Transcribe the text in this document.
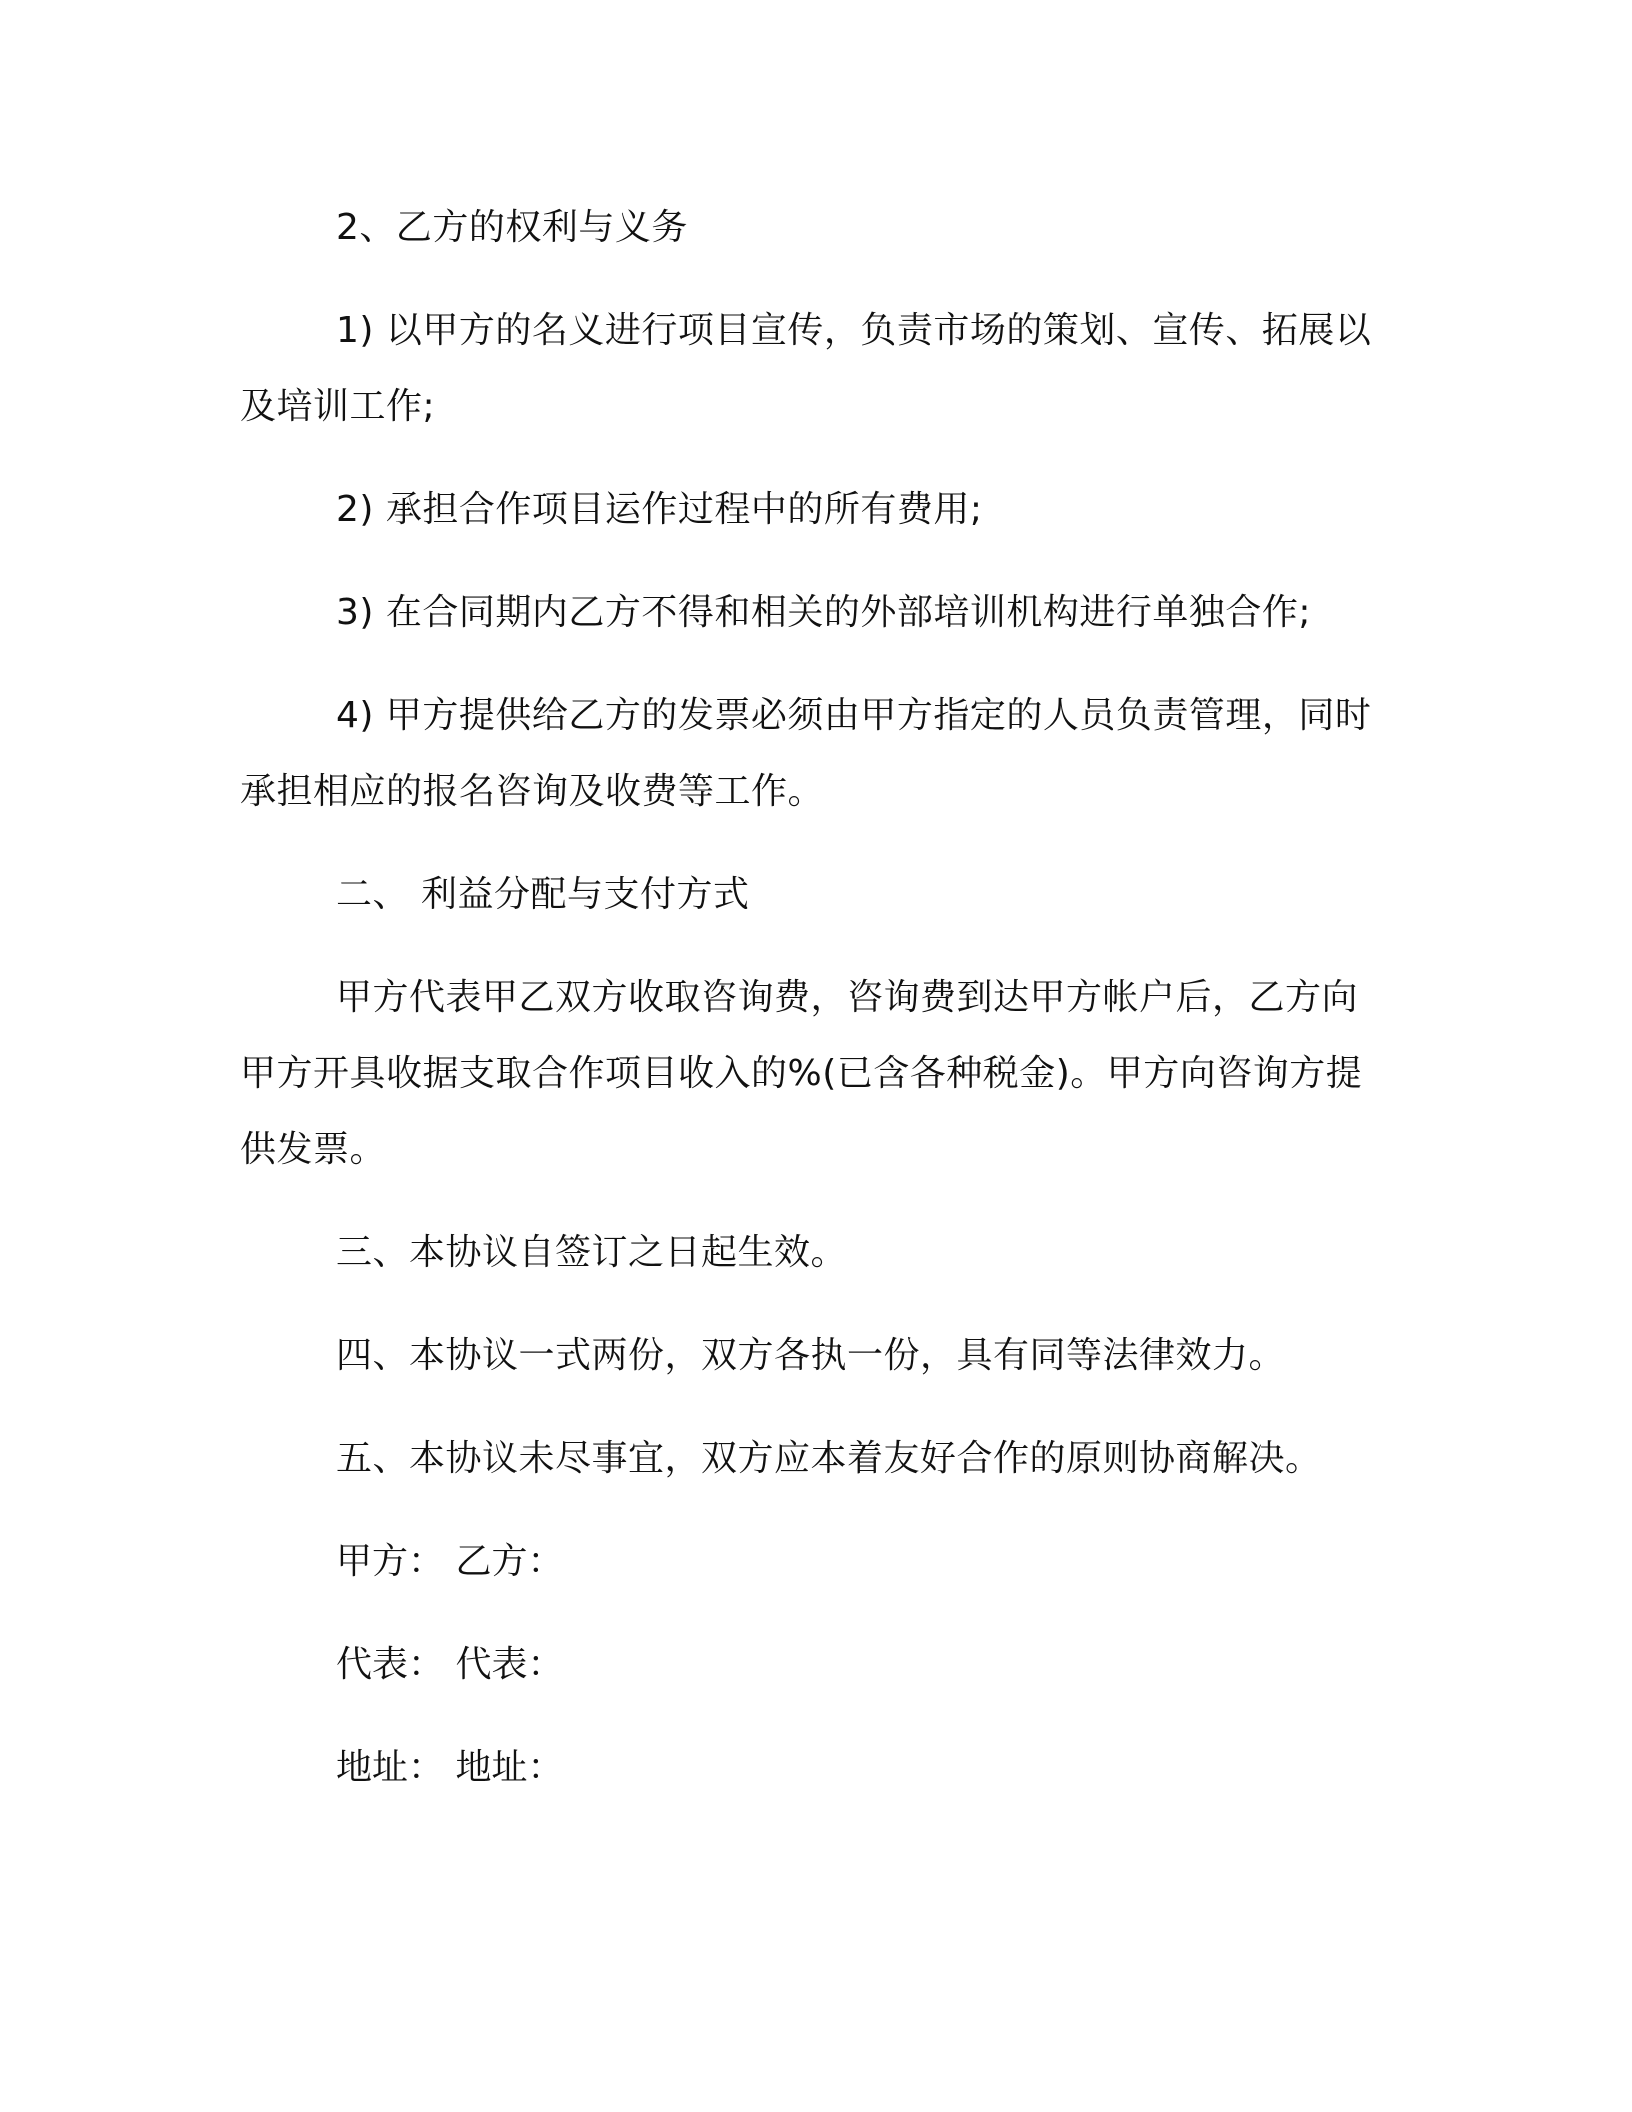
2、乙方的权利与义务

1) 以甲方的名义进行项目宣传，负责市场的策划、宣传、拓展以及培训工作;

2) 承担合作项目运作过程中的所有费用;

3) 在合同期内乙方不得和相关的外部培训机构进行单独合作;

4) 甲方提供给乙方的发票必须由甲方指定的人员负责管理，同时承担相应的报名咨询及收费等工作。

二、 利益分配与支付方式

甲方代表甲乙双方收取咨询费，咨询费到达甲方帐户后，乙方向甲方开具收据支取合作项目收入的%(已含各种税金)。甲方向咨询方提供发票。

三、本协议自签订之日起生效。

四、本协议一式两份，双方各执一份，具有同等法律效力。

五、本协议未尽事宜，双方应本着友好合作的原则协商解决。

甲方： 乙方：

代表： 代表：

地址： 地址：
